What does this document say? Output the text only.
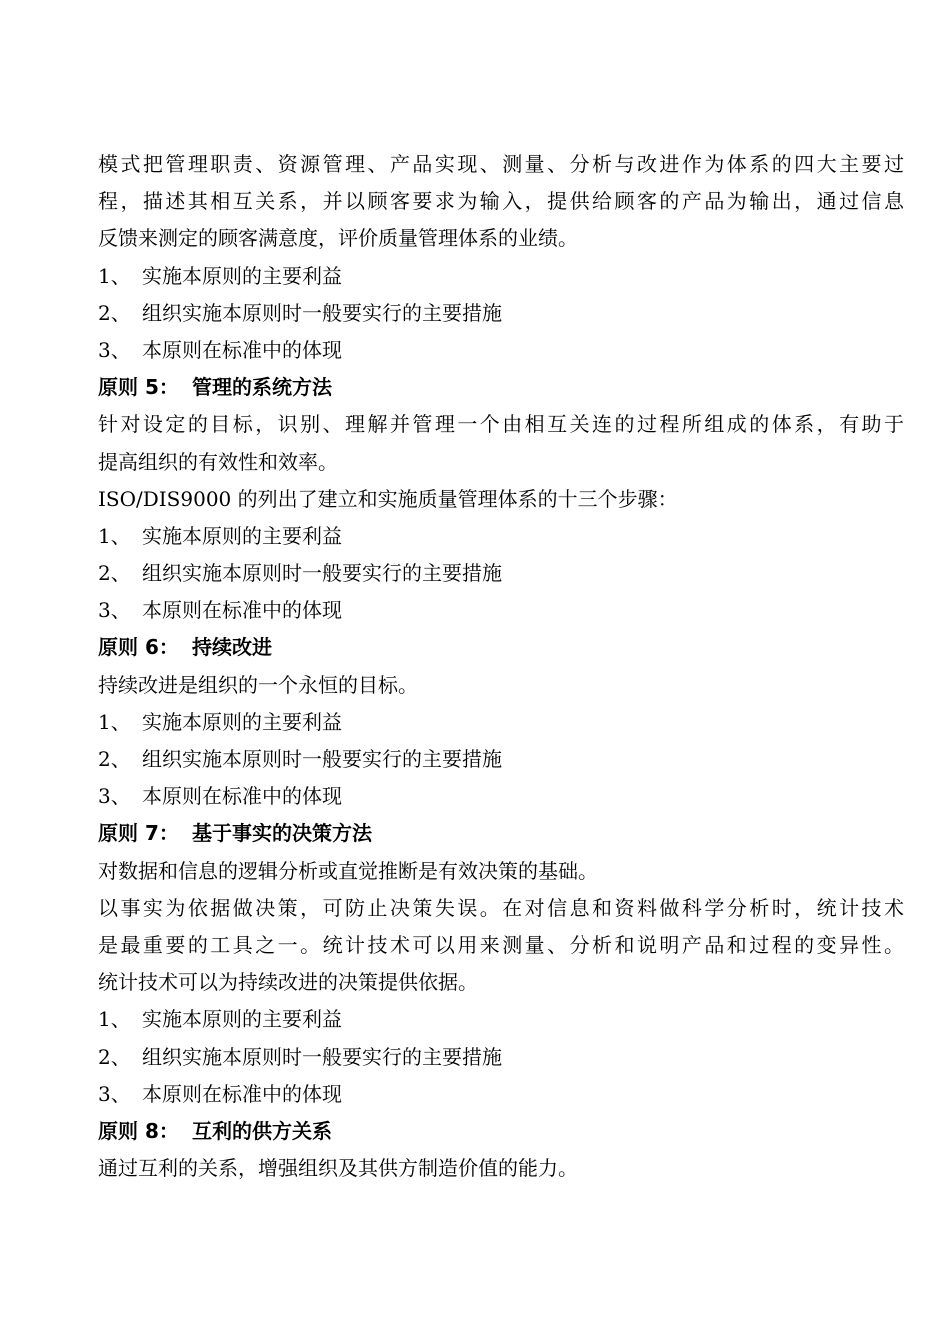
模式把管理职责、资源管理、产品实现、测量、分析与改进作为体系的四大主要过
程，描述其相互关系，并以顾客要求为输入，提供给顾客的产品为输出，通过信息
反馈来测定的顾客满意度，评价质量管理体系的业绩。
1、 实施本原则的主要利益
2、 组织实施本原则时一般要实行的主要措施
3、 本原则在标准中的体现
原则 5： 管理的系统方法
针对设定的目标，识别、理解并管理一个由相互关连的过程所组成的体系，有助于
提高组织的有效性和效率。
ISO/DIS9000 的列出了建立和实施质量管理体系的十三个步骤：
1、 实施本原则的主要利益
2、 组织实施本原则时一般要实行的主要措施
3、 本原则在标准中的体现
原则 6： 持续改进
持续改进是组织的一个永恒的目标。
1、 实施本原则的主要利益
2、 组织实施本原则时一般要实行的主要措施
3、 本原则在标准中的体现
原则 7： 基于事实的决策方法
对数据和信息的逻辑分析或直觉推断是有效决策的基础。
以事实为依据做决策，可防止决策失误。在对信息和资料做科学分析时，统计技术
是最重要的工具之一。统计技术可以用来测量、分析和说明产品和过程的变异性。
统计技术可以为持续改进的决策提供依据。
1、 实施本原则的主要利益
2、 组织实施本原则时一般要实行的主要措施
3、 本原则在标准中的体现
原则 8： 互利的供方关系
通过互利的关系，增强组织及其供方制造价值的能力。
